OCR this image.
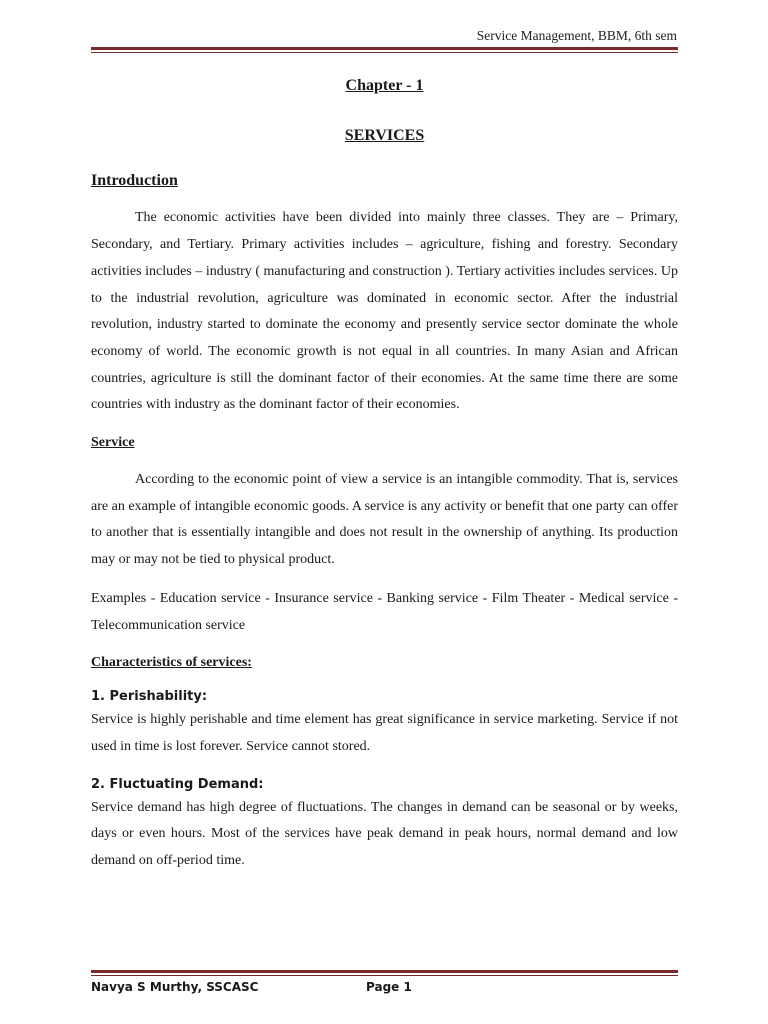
Service Management, BBM, 6th sem

Chapter - 1

SERVICES

Introduction

The economic activities have been divided into mainly three classes. They are – Primary, Secondary, and Tertiary. Primary activities includes – agriculture, fishing and forestry. Secondary activities includes – industry ( manufacturing and construction ). Tertiary activities includes services. Up to the industrial revolution, agriculture was dominated in economic sector. After the industrial revolution, industry started to dominate the economy and presently service sector dominate the whole economy of world. The economic growth is not equal in all countries. In many Asian and African countries, agriculture is still the dominant factor of their economies. At the same time there are some countries with industry as the dominant factor of their economies.

Service

According to the economic point of view a service is an intangible commodity. That is, services are an example of intangible economic goods. A service is any activity or benefit that one party can offer to another that is essentially intangible and does not result in the ownership of anything. Its production may or may not be tied to physical product.

Examples - Education service - Insurance service - Banking service - Film Theater - Medical service - Telecommunication service

Characteristics of services:
1. Perishability:

Service is highly perishable and time element has great significance in service marketing. Service if not used in time is lost forever. Service cannot stored.

2. Fluctuating Demand:

Service demand has high degree of fluctuations. The changes in demand can be seasonal or by weeks, days or even hours. Most of the services have peak demand in peak hours, normal demand and low demand on off-period time.

Navya S Murthy, SSCASC	Page 1
